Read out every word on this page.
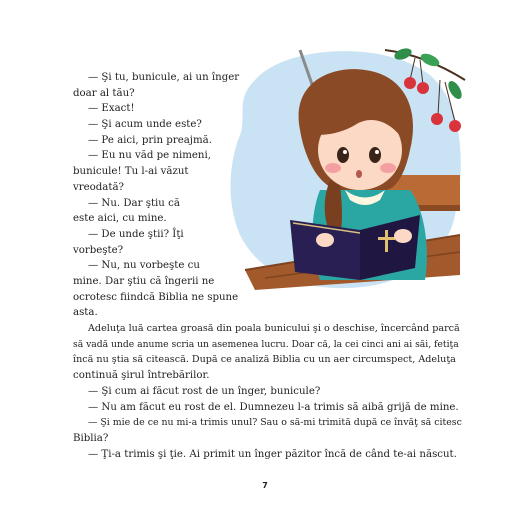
— Şi tu, bunicule, ai un înger
doar al tău?
— Exact!
— Şi acum unde este?
— Pe aici, prin preajmă.
— Eu nu văd pe nimeni,
bunicule! Tu l-ai văzut
vreodată?
— Nu. Dar ştiu că
este aici, cu mine.
— De unde ştii? Îţi
vorbeşte?
— Nu, nu vorbeşte cu
mine. Dar ştiu că îngerii ne
ocrotesc fiindcă Biblia ne spune
asta.
Adeluţa luă cartea groasă din poala bunicului şi o deschise, încercând parcă
să vadă unde anume scria un asemenea lucru. Doar că, la cei cinci ani ai săi, fetiţa
încă nu ştia să citească. După ce analiză Biblia cu un aer circumspect, Adeluţa
continuă şirul întrebărilor.
— Şi cum ai făcut rost de un înger, bunicule?
— Nu am făcut eu rost de el. Dumnezeu l-a trimis să aibă grijă de mine.
— Şi mie de ce nu mi-a trimis unul? Sau o să-mi trimită după ce învăţ să citesc
Biblia?
— Ţi-a trimis şi ţie. Ai primit un înger păzitor încă de când te-ai născut.
7
